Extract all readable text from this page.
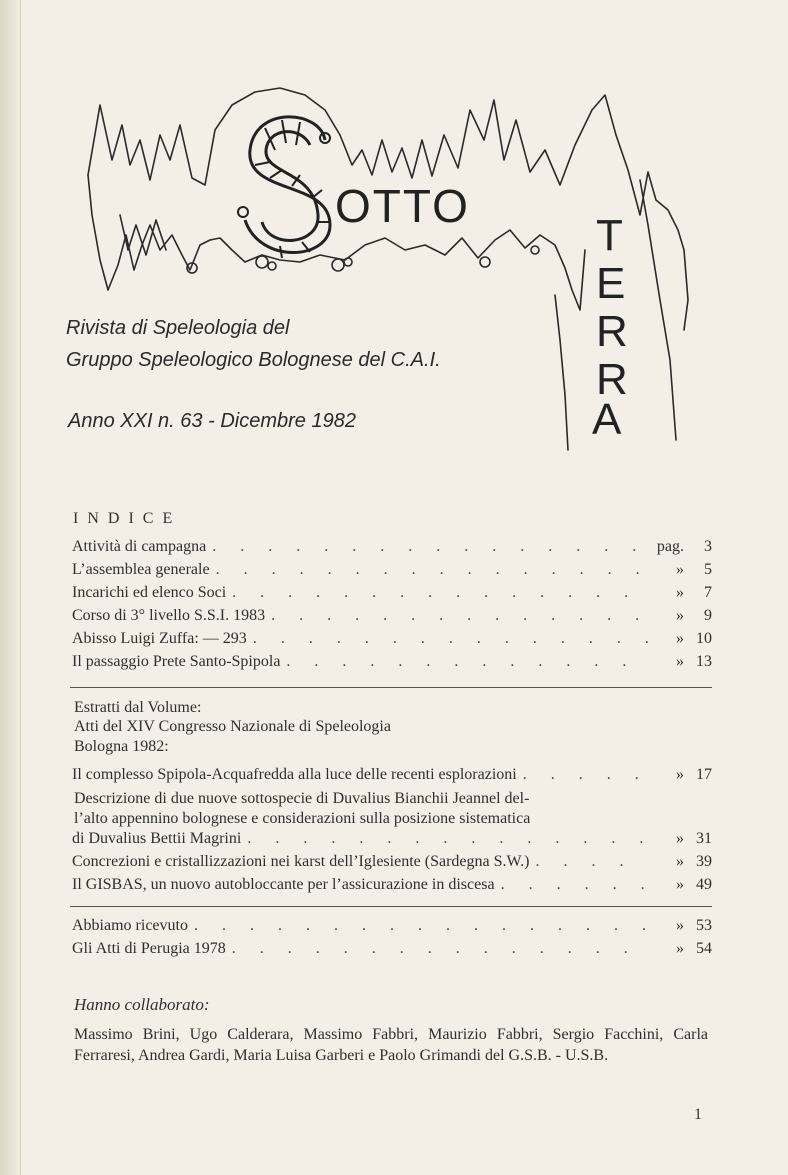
OTTO
T
E
R
R
A
Rivista di Speleologia del
Gruppo Speleologico Bolognese del C.A.I.
Anno XXI n. 63 - Dicembre 1982
INDICE
Attività di campagna . . .	pag.	3
L’assemblea generale . . .	»	5
Incarichi ed elenco Soci . . .	»	7
Corso di 3° livello S.S.I. 1983 . . .	»	9
Abisso Luigi Zuffa: — 293 . . .	» 10
Il passaggio Prete Santo-Spipola . . .	» 13
Estratti dal Volume:
Atti del XIV Congresso Nazionale di Speleologia
Bologna 1982:
Il complesso Spipola-Acquafredda alla luce delle recenti esplorazioni . . .	» 17
Descrizione di due nuove sottospecie di Duvalius Bianchii Jeannel del-
l’alto appennino bolognese e considerazioni sulla posizione sistematica
di Duvalius Bettii Magrini . . .	» 31
Concrezioni e cristallizzazioni nei karst dell’Iglesiente (Sardegna S.W.) . . .	» 39
Il GISBAS, un nuovo autobloccante per l’assicurazione in discesa . . .	» 49
Abbiamo ricevuto . . .	» 53
Gli Atti di Perugia 1978 . . .	» 54
Hanno collaborato:
Massimo Brini, Ugo Calderara, Massimo Fabbri, Maurizio Fabbri, Sergio Facchini, Carla Ferraresi, Andrea Gardi, Maria Luisa Garberi e Paolo Grimandi del G.S.B. - U.S.B.
1
